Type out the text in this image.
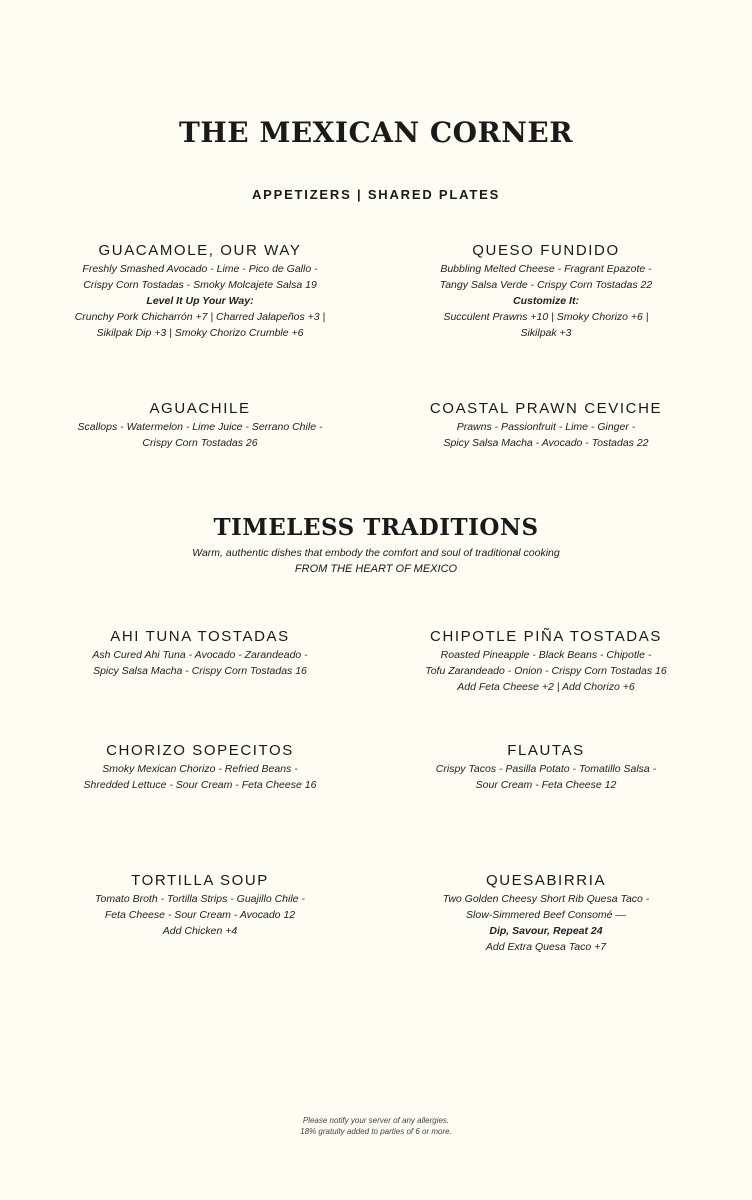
THE MEXICAN CORNER
APPETIZERS | SHARED PLATES
GUACAMOLE, OUR WAY
Freshly Smashed Avocado - Lime - Pico de Gallo -
Crispy Corn Tostadas - Smoky Molcajete Salsa 19
Level It Up Your Way:
Crunchy Pork Chicharrón +7 | Charred Jalapeños +3 |
Sikilpak Dip +3 | Smoky Chorizo Crumble +6
QUESO FUNDIDO
Bubbling Melted Cheese - Fragrant Epazote -
Tangy Salsa Verde - Crispy Corn Tostadas 22
Customize It:
Succulent Prawns +10 | Smoky Chorizo +6 |
Sikilpak +3
AGUACHILE
Scallops - Watermelon - Lime Juice - Serrano Chile -
Crispy Corn Tostadas 26
COASTAL PRAWN CEVICHE
Prawns - Passionfruit - Lime - Ginger -
Spicy Salsa Macha - Avocado - Tostadas 22
TIMELESS TRADITIONS
Warm, authentic dishes that embody the comfort and soul of traditional cooking
FROM THE HEART OF MEXICO
AHI TUNA TOSTADAS
Ash Cured Ahi Tuna - Avocado - Zarandeado -
Spicy Salsa Macha - Crispy Corn Tostadas 16
CHIPOTLE PIÑA TOSTADAS
Roasted Pineapple - Black Beans - Chipotle -
Tofu Zarandeado - Onion - Crispy Corn Tostadas 16
Add Feta Cheese +2 | Add Chorizo +6
CHORIZO SOPECITOS
Smoky Mexican Chorizo - Refried Beans -
Shredded Lettuce - Sour Cream - Feta Cheese 16
FLAUTAS
Crispy Tacos - Pasilla Potato - Tomatillo Salsa -
Sour Cream - Feta Cheese 12
TORTILLA SOUP
Tomato Broth - Tortilla Strips - Guajillo Chile -
Feta Cheese - Sour Cream - Avocado 12
Add Chicken +4
QUESABIRRIA
Two Golden Cheesy Short Rib Quesa Taco -
Slow-Simmered Beef Consomé —
Dip, Savour, Repeat 24
Add Extra Quesa Taco +7
Please notify your server of any allergies.
18% gratuity added to parties of 6 or more.
